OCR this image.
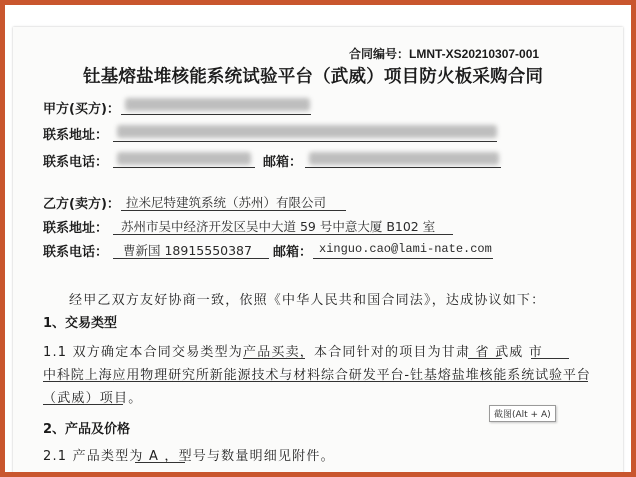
合同编号：LMNT-XS20210307-001
钍基熔盐堆核能系统试验平台（武威）项目防火板采购合同
甲方(买方)：
联系地址：
联系电话：	邮箱：
乙方(卖方)： 拉米尼特建筑系统（苏州）有限公司
联系地址： 苏州市吴中经济开发区吴中大道 59 号中意大厦 B102 室
联系电话： 曹新国 18915550387 邮箱： xinguo.cao@lami-nate.com
经甲乙双方友好协商一致，依照《中华人民共和国合同法》，达成协议如下：
1、交易类型
1.1 双方确定本合同交易类型为产品买卖，本合同针对的项目为甘肃 省 武威 市
中科院上海应用物理研究所新能源技术与材料综合研发平台-钍基熔盐堆核能系统试验平台
（武威）项目。
2、产品及价格
2.1 产品类型为 A ，型号与数量明细见附件。
截图(Alt + A)
